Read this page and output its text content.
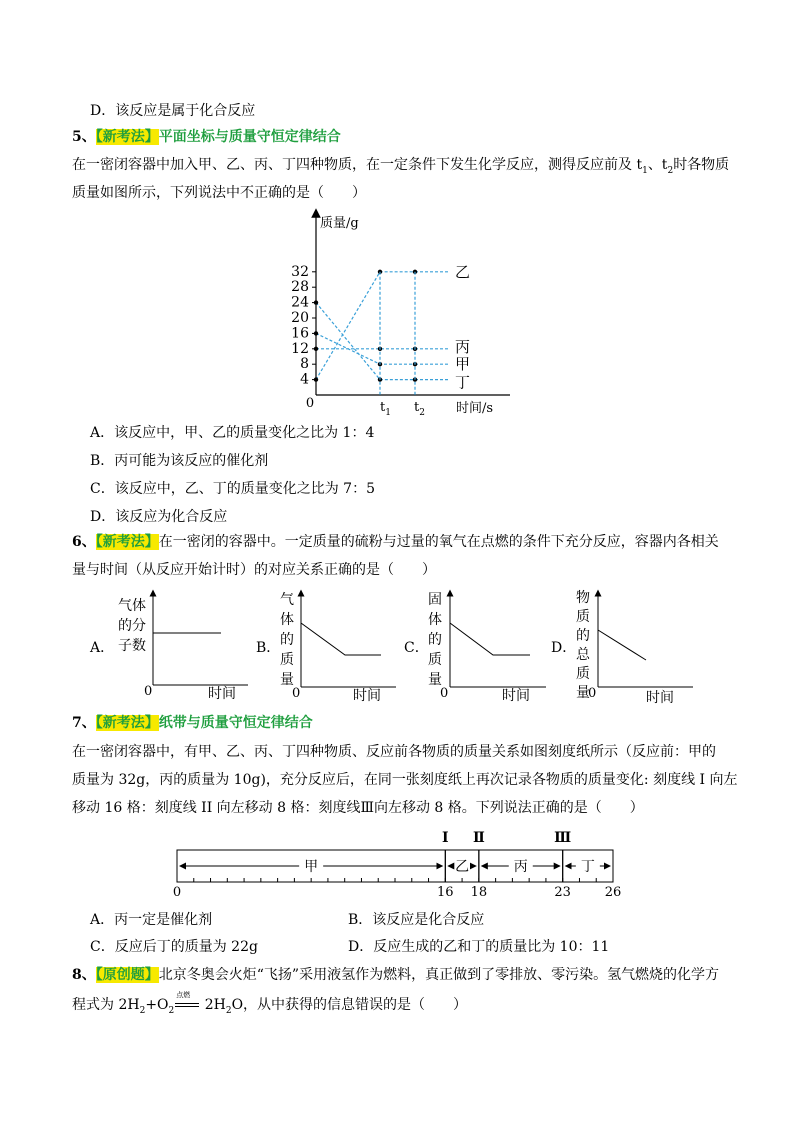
D．该反应是属于化合反应
5、【新考法】平面坐标与质量守恒定律结合
在一密闭容器中加入甲、乙、丙、丁四种物质，在一定条件下发生化学反应，测得反应前及 $t_1$、$t_2$时各物质
质量如图所示，下列说法中不正确的是（　　）
质量/g
时间/s
0
4
8
12
16
20
24
28
32	乙
丙
甲
丁
$t_1$ $t_2$
A．该反应中，甲、乙的质量变化之比为 1：4
B．丙可能为该反应的催化剂
C．该反应中，乙、丁的质量变化之比为 7：5
D．该反应为化合反应
6、【新考法】在一密闭的容器中。一定质量的硫粉与过量的氧气在点燃的条件下充分反应，容器内各相关
量与时间（从反应开始计时）的对应关系正确的是（　　）
A．
气体
的分
子数
0	时间
B．
气
体
的
质
量
0	时间
C．
固
体
的
质
量
0	时间
D．
物
质
的
总
质
量
0	时间
7、【新考法】纸带与质量守恒定律结合
在一密闭容器中，有甲、乙、丙、丁四种物质、反应前各物质的质量关系如图刻度纸所示（反应前：甲的
质量为 32g，丙的质量为 10g)，充分反应后，在同一张刻度纸上再次记录各物质的质量变化: 刻度线 I 向左
移动 16 格：刻度线 II 向左移动 8 格：刻度线Ⅲ向左移动 8 格。下列说法正确的是（　　）
I Ⅱ	Ⅲ
甲	乙	丙	丁
0	16 18	23	26
A．丙一定是催化剂	B．该反应是化合反应
C．反应后丁的质量为 22g	D．反应生成的乙和丁的质量比为 10：11
8、【原创题】北京冬奥会火炬“飞扬”采用液氢作为燃料，真正做到了零排放、零污染。氢气燃烧的化学方
程式为 $2H_2+O_2$
点燃
$2H_2O$，从中获得的信息错误的是（　　）
